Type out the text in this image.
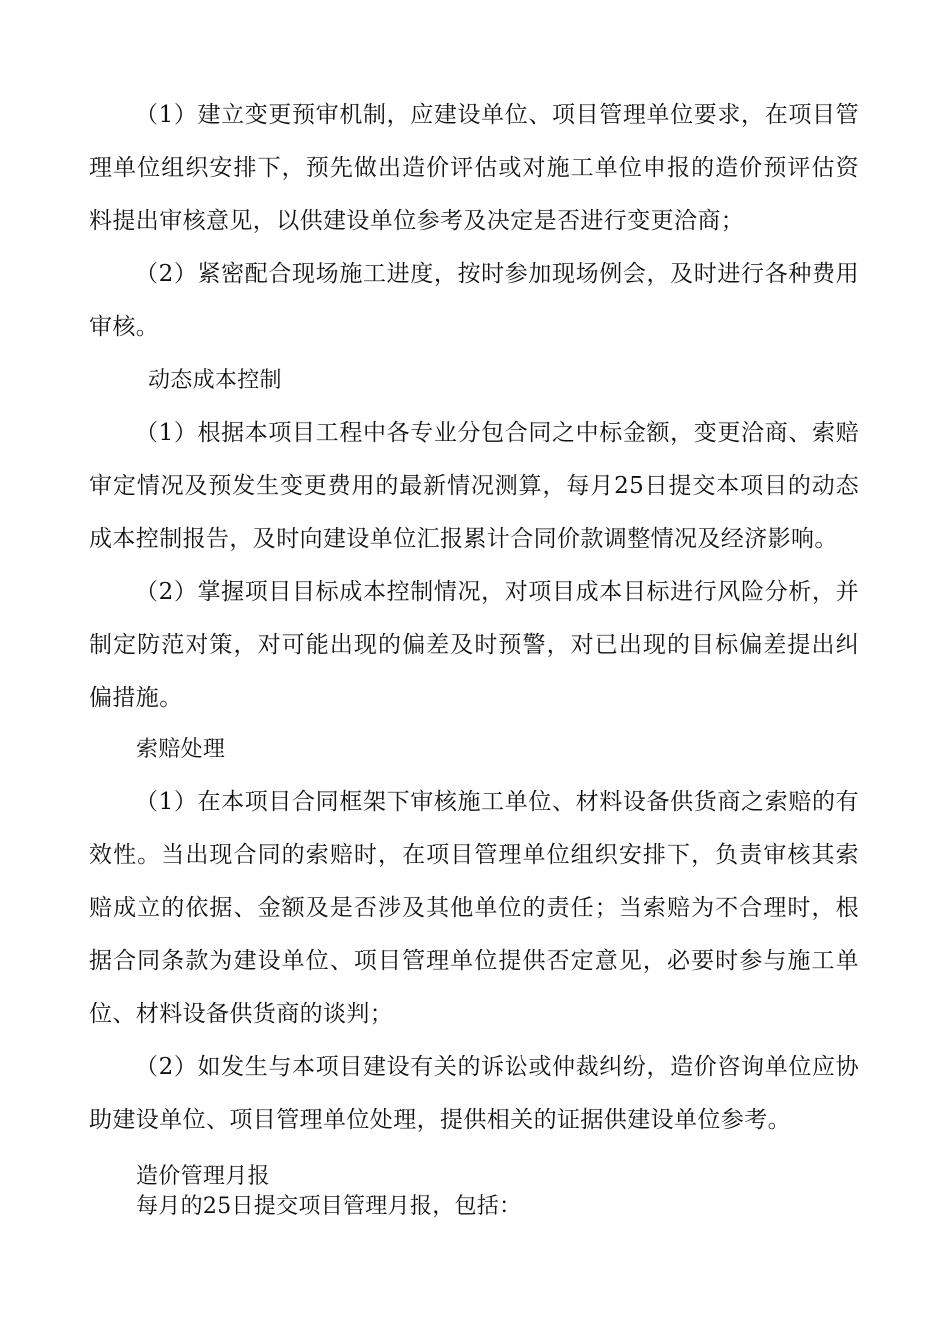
（1）建立变更预审机制，应建设单位、项目管理单位要求，在项目管理单位组织安排下，预先做出造价评估或对施工单位申报的造价预评估资料提出审核意见，以供建设单位参考及决定是否进行变更洽商；

（2）紧密配合现场施工进度，按时参加现场例会，及时进行各种费用审核。

动态成本控制

（1）根据本项目工程中各专业分包合同之中标金额，变更洽商、索赔审定情况及预发生变更费用的最新情况测算，每月25日提交本项目的动态成本控制报告，及时向建设单位汇报累计合同价款调整情况及经济影响。

（2）掌握项目目标成本控制情况，对项目成本目标进行风险分析，并制定防范对策，对可能出现的偏差及时预警，对已出现的目标偏差提出纠偏措施。

索赔处理

（1）在本项目合同框架下审核施工单位、材料设备供货商之索赔的有效性。当出现合同的索赔时，在项目管理单位组织安排下，负责审核其索赔成立的依据、金额及是否涉及其他单位的责任；当索赔为不合理时，根据合同条款为建设单位、项目管理单位提供否定意见，必要时参与施工单位、材料设备供货商的谈判；

（2）如发生与本项目建设有关的诉讼或仲裁纠纷，造价咨询单位应协助建设单位、项目管理单位处理，提供相关的证据供建设单位参考。

造价管理月报

每月的25日提交项目管理月报，包括：
